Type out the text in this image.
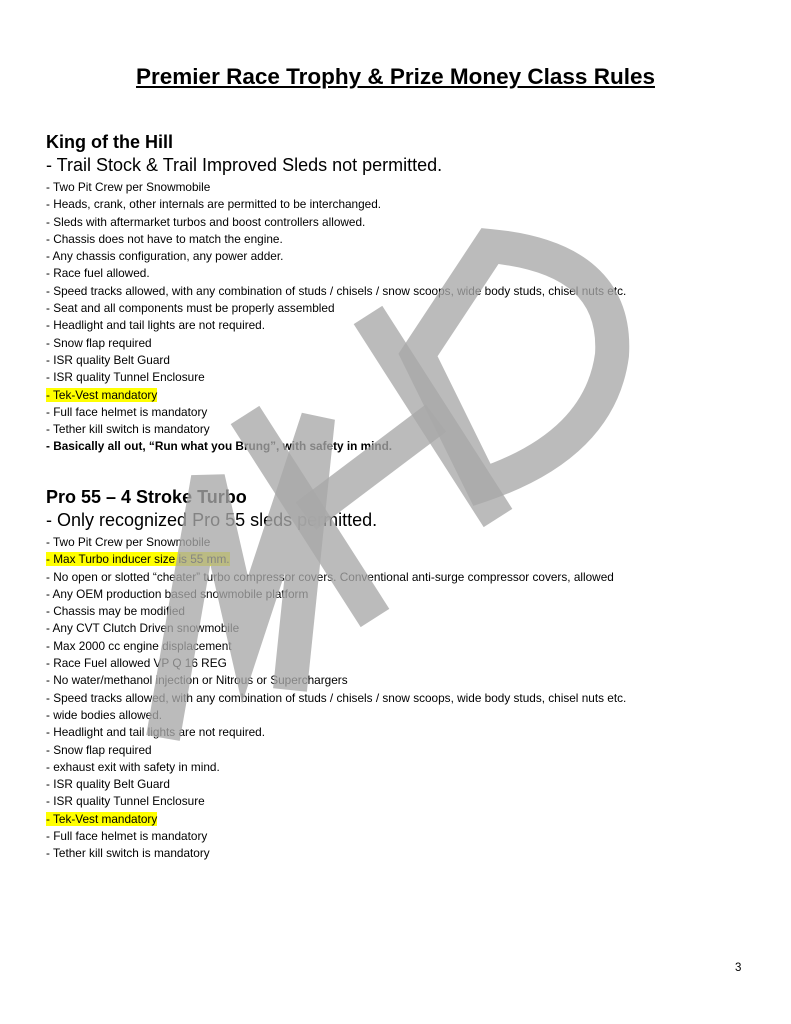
Premier Race Trophy & Prize Money Class Rules
King of the Hill
- Trail Stock & Trail Improved Sleds not permitted.
- Two Pit Crew per Snowmobile
- Heads, crank, other internals are permitted to be interchanged.
- Sleds with aftermarket turbos and boost controllers allowed.
- Chassis does not have to match the engine.
- Any chassis configuration, any power adder.
- Race fuel allowed.
- Speed tracks allowed, with any combination of studs / chisels / snow scoops, wide body studs, chisel nuts etc.
- Seat and all components must be properly assembled
- Headlight and tail lights are not required.
- Snow flap required
- ISR quality Belt Guard
- ISR quality Tunnel Enclosure
- Tek-Vest mandatory
- Full face helmet is mandatory
- Tether kill switch is mandatory
- Basically all out, “Run what you Brung”, with safety in mind.
Pro 55 – 4 Stroke Turbo
- Only recognized Pro 55 sleds permitted.
- Two Pit Crew per Snowmobile
- Max Turbo inducer size is 55 mm.
- No open or slotted “cheater” turbo compressor covers. Conventional anti-surge compressor covers, allowed
- Any OEM production based snowmobile platform
- Chassis may be modified
- Any CVT Clutch Driven snowmobile
- Max 2000 cc engine displacement
- Race Fuel allowed VP Q 16 REG
- No water/methanol injection or Nitrous or Superchargers
- Speed tracks allowed, with any combination of studs / chisels / snow scoops, wide body studs, chisel nuts etc.
- wide bodies allowed.
- Headlight and tail lights are not required.
- Snow flap required
- exhaust exit with safety in mind.
- ISR quality Belt Guard
- ISR quality Tunnel Enclosure
- Tek-Vest mandatory
- Full face helmet is mandatory
- Tether kill switch is mandatory
3
